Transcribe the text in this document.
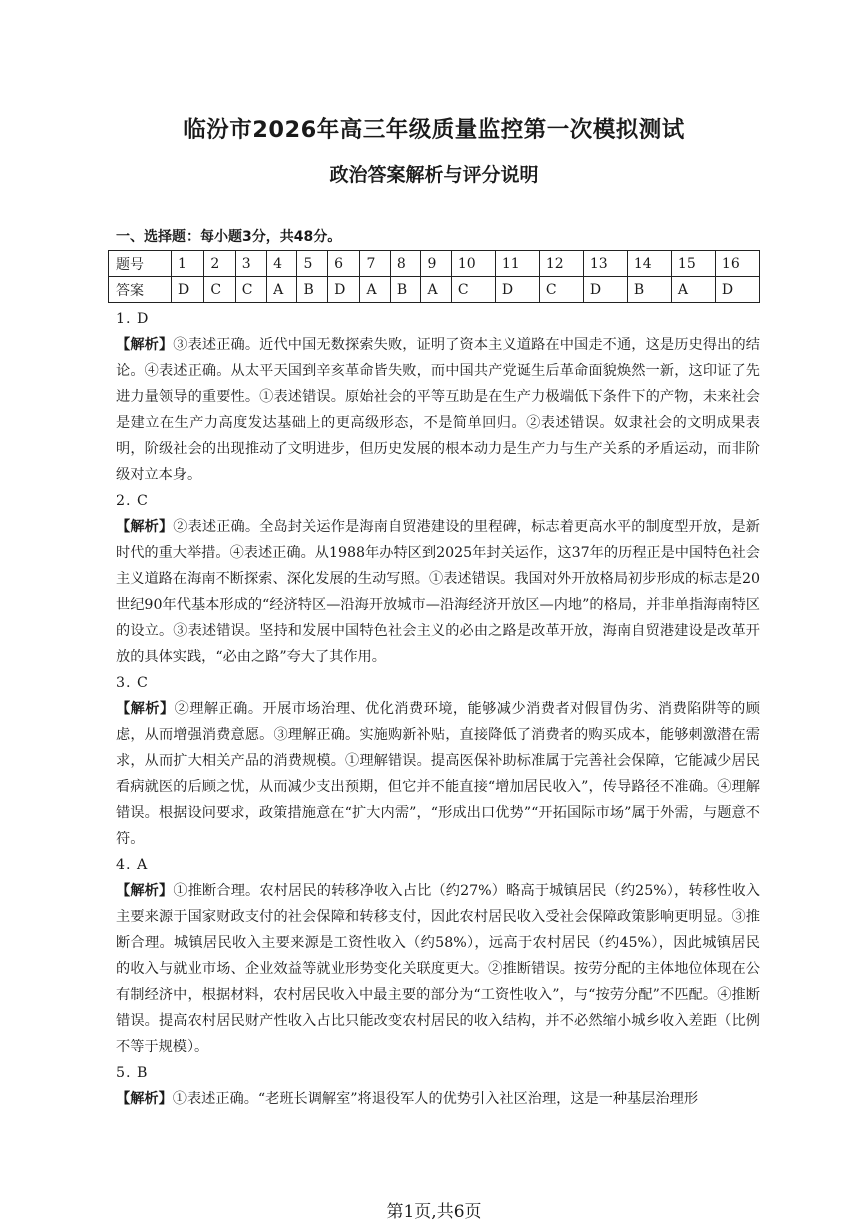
临汾市2026年高三年级质量监控第一次模拟测试
政治答案解析与评分说明
一、选择题：每小题3分，共48分。
题号	1	2	3	4	5	6	7	8	9	10	11	12	13	14	15	16
答案	D	C	C	A	B	D	A	B	A	C	D	C	D	B	A	D

1. D

【解析】③表述正确。近代中国无数探索失败，证明了资本主义道路在中国走不通，这是历史得出的结论。④表述正确。从太平天国到辛亥革命皆失败，而中国共产党诞生后革命面貌焕然一新，这印证了先进力量领导的重要性。①表述错误。原始社会的平等互助是在生产力极端低下条件下的产物，未来社会是建立在生产力高度发达基础上的更高级形态，不是简单回归。②表述错误。奴隶社会的文明成果表明，阶级社会的出现推动了文明进步，但历史发展的根本动力是生产力与生产关系的矛盾运动，而非阶级对立本身。

2. C

【解析】②表述正确。全岛封关运作是海南自贸港建设的里程碑，标志着更高水平的制度型开放，是新时代的重大举措。④表述正确。从1988年办特区到2025年封关运作，这37年的历程正是中国特色社会主义道路在海南不断探索、深化发展的生动写照。①表述错误。我国对外开放格局初步形成的标志是20世纪90年代基本形成的“经济特区—沿海开放城市—沿海经济开放区—内地”的格局，并非单指海南特区的设立。③表述错误。坚持和发展中国特色社会主义的必由之路是改革开放，海南自贸港建设是改革开放的具体实践，“必由之路”夸大了其作用。

3. C

【解析】②理解正确。开展市场治理、优化消费环境，能够减少消费者对假冒伪劣、消费陷阱等的顾虑，从而增强消费意愿。③理解正确。实施购新补贴，直接降低了消费者的购买成本，能够刺激潜在需求，从而扩大相关产品的消费规模。①理解错误。提高医保补助标准属于完善社会保障，它能减少居民看病就医的后顾之忧，从而减少支出预期，但它并不能直接“增加居民收入”，传导路径不准确。④理解错误。根据设问要求，政策措施意在“扩大内需”，“形成出口优势”“开拓国际市场”属于外需，与题意不符。

4. A

【解析】①推断合理。农村居民的转移净收入占比（约27%）略高于城镇居民（约25%），转移性收入主要来源于国家财政支付的社会保障和转移支付，因此农村居民收入受社会保障政策影响更明显。③推断合理。城镇居民收入主要来源是工资性收入（约58%），远高于农村居民（约45%），因此城镇居民的收入与就业市场、企业效益等就业形势变化关联度更大。②推断错误。按劳分配的主体地位体现在公有制经济中，根据材料，农村居民收入中最主要的部分为“工资性收入”，与“按劳分配”不匹配。④推断错误。提高农村居民财产性收入占比只能改变农村居民的收入结构，并不必然缩小城乡收入差距（比例不等于规模）。

5. B

【解析】①表述正确。“老班长调解室”将退役军人的优势引入社区治理，这是一种基层治理形

第1页,共6页
